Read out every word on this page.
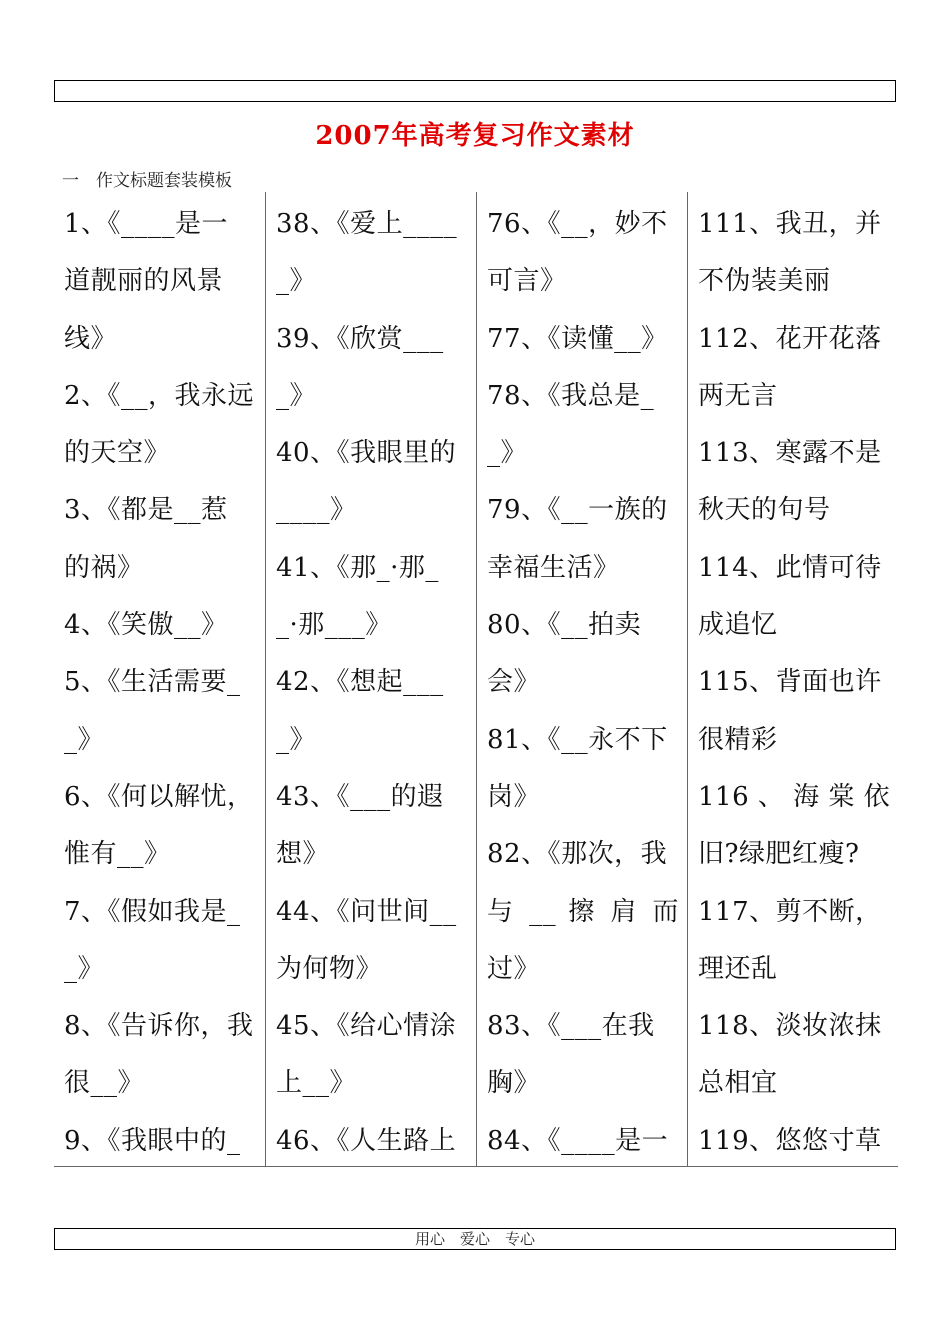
2007年高考复习作文素材
一　作文标题套装模板
1、《____是一
道靓丽的风景
线》
2、《__，我永远
的天空》
3、《都是__惹
的祸》
4、《笑傲__》
5、《生活需要_
_》
6、《何以解忧，
惟有__》
7、《假如我是_
_》
8、《告诉你，我
很__》
9、《我眼中的_
38、《爱上____
_》
39、《欣赏___
_》
40、《我眼里的
____》
41、《那_·那_
_·那___》
42、《想起___
_》
43、《___的遐
想》
44、《问世间__
为何物》
45、《给心情涂
上__》
46、《人生路上
76、《__，妙不
可言》
77、《读懂__》
78、《我总是_
_》
79、《__一族的
幸福生活》
80、《__拍卖
会》
81、《__永不下
岗》
82、《那次，我
与 __ 擦 肩 而
过》
83、《___在我
胸》
84、《____是一
111、我丑，并
不伪装美丽
112、花开花落
两无言
113、寒露不是
秋天的句号
114、此情可待
成追忆
115、背面也许
很精彩
116 、 海 棠 依
旧?绿肥红瘦?
117、剪不断，
理还乱
118、淡妆浓抹
总相宜
119、悠悠寸草
用心　爱心　专心
